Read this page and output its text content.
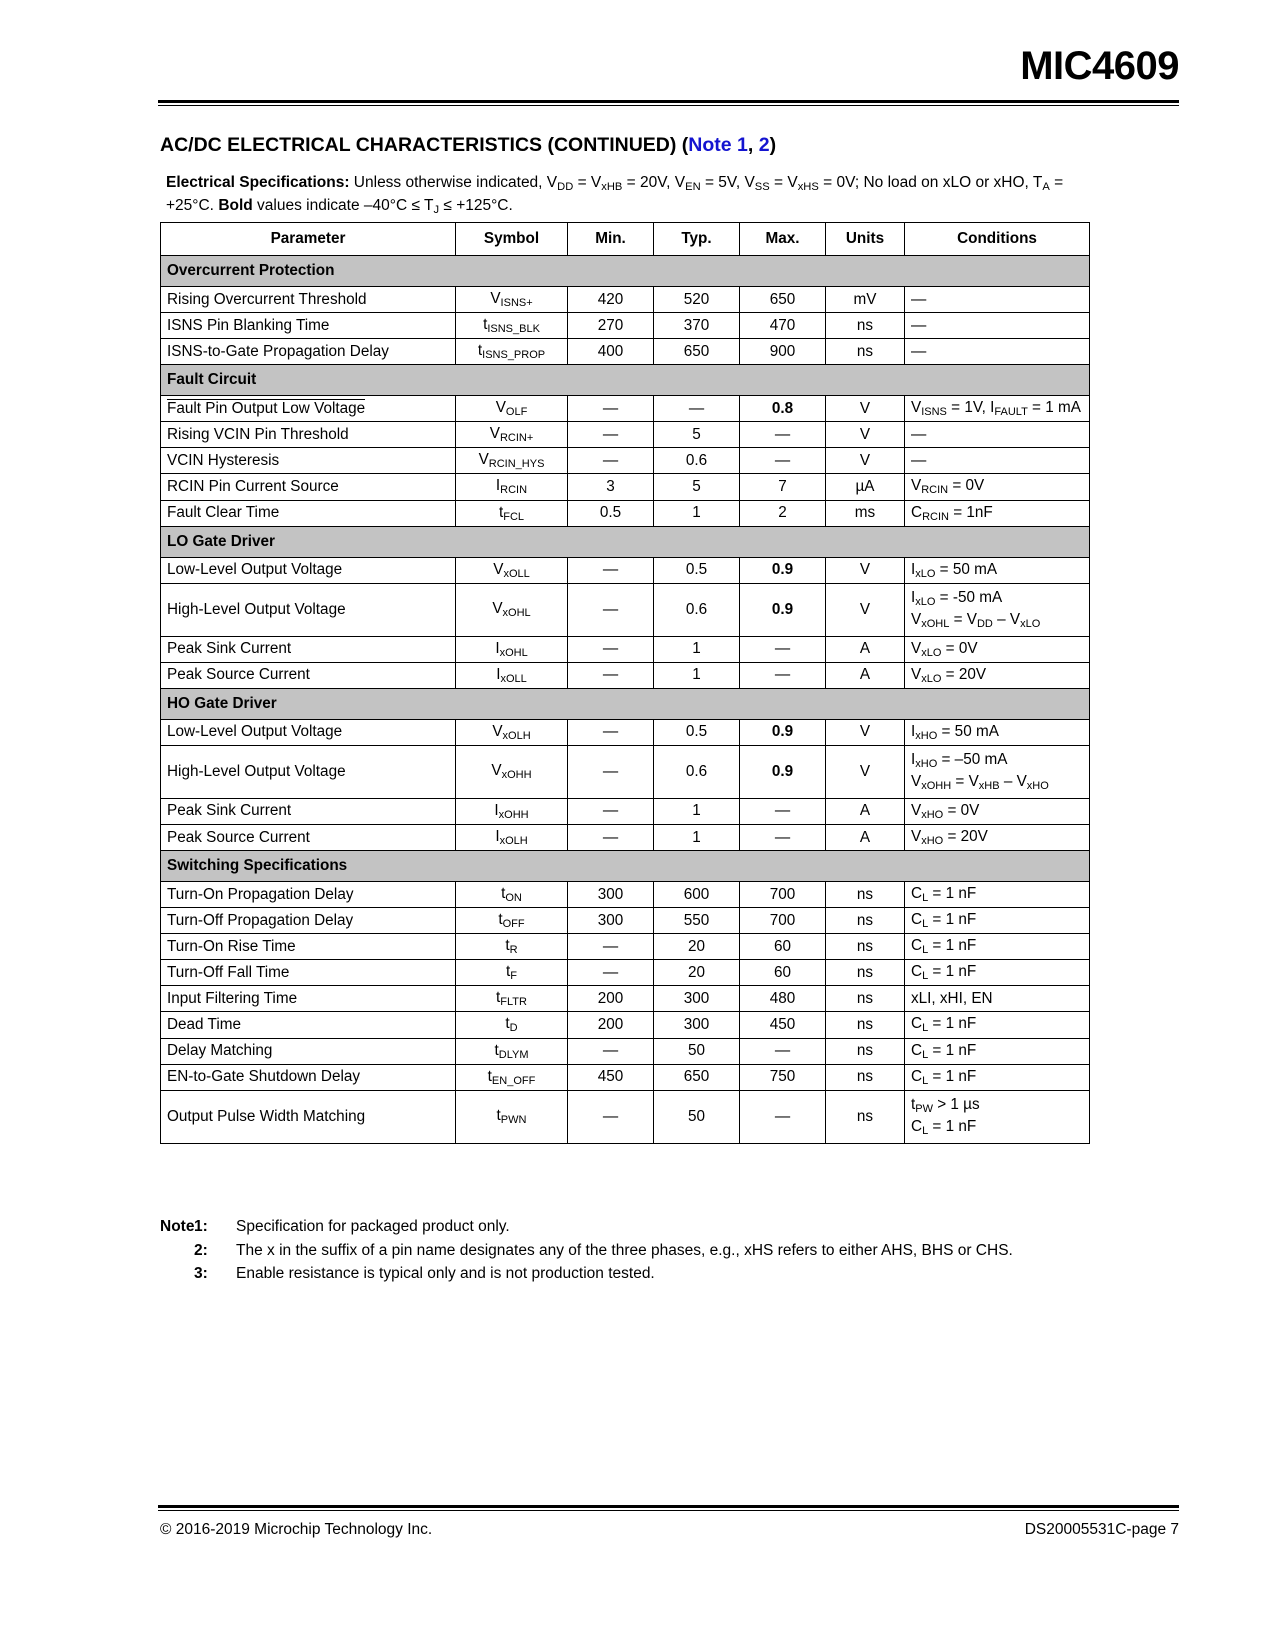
MIC4609
AC/DC ELECTRICAL CHARACTERISTICS (CONTINUED) (Note 1, 2)
Electrical Specifications: Unless otherwise indicated, $V_{DD} = V_{xHB} = 20V$, $V_{EN} = 5V$, $V_{SS} = V_{xHS} = 0V$; No load on xLO or xHO, $T_A = +25^\circ C$. Bold values indicate $-40^\circ C \le T_J \le +125^\circ C$.
Parameter	Symbol	Min.	Typ.	Max.	Units	Conditions
Overcurrent Protection						
Rising Overcurrent Threshold	$V_{ISNS+}$	420	520	650	mV	—
ISNS Pin Blanking Time	$t_{ISNS\_BLK}$	270	370	470	ns	—
ISNS-to-Gate Propagation Delay	$t_{ISNS\_PROP}$	400	650	900	ns	—
Fault Circuit						
Fault Pin Output Low Voltage	$V_{OLF}$	—	—	0.8	V	$V_{ISNS} = 1V$, $I_{FAULT} = 1$ mA
Rising VCIN Pin Threshold	$V_{RCIN+}$	—	5	—	V	—
VCIN Hysteresis	$V_{RCIN\_HYS}$	—	0.6	—	V	—
RCIN Pin Current Source	$I_{RCIN}$	3	5	7	µA	$V_{RCIN} = 0V$
Fault Clear Time	$t_{FCL}$	0.5	1	2	ms	$C_{RCIN} = 1nF$
LO Gate Driver						
Low-Level Output Voltage	$V_{xOLL}$	—	0.5	0.9	V	$I_{xLO} = 50$ mA
High-Level Output Voltage	$V_{xOHL}$	—	0.6	0.9	V	$I_{xLO} = -50$ mA
$V_{xOHL} = V_{DD} - V_{xLO}$
Peak Sink Current	$I_{xOHL}$	—	1	—	A	$V_{xLO} = 0V$
Peak Source Current	$I_{xOLL}$	—	1	—	A	$V_{xLO} = 20V$
HO Gate Driver						
Low-Level Output Voltage	$V_{xOLH}$	—	0.5	0.9	V	$I_{xHO} = 50$ mA
High-Level Output Voltage	$V_{xOHH}$	—	0.6	0.9	V	$I_{xHO} = -50$ mA
$V_{xOHH} = V_{xHB} - V_{xHO}$
Peak Sink Current	$I_{xOHH}$	—	1	—	A	$V_{xHO} = 0V$
Peak Source Current	$I_{xOLH}$	—	1	—	A	$V_{xHO} = 20V$
Switching Specifications						
Turn-On Propagation Delay	$t_{ON}$	300	600	700	ns	$C_L = 1$ nF
Turn-Off Propagation Delay	$t_{OFF}$	300	550	700	ns	$C_L = 1$ nF
Turn-On Rise Time	$t_R$	—	20	60	ns	$C_L = 1$ nF
Turn-Off Fall Time	$t_F$	—	20	60	ns	$C_L = 1$ nF
Input Filtering Time	$t_{FLTR}$	200	300	480	ns	xLI, xHI, EN
Dead Time	$t_D$	200	300	450	ns	$C_L = 1$ nF
Delay Matching	$t_{DLYM}$	—	50	—	ns	$C_L = 1$ nF
EN-to-Gate Shutdown Delay	$t_{EN\_OFF}$	450	650	750	ns	$C_L = 1$ nF
Output Pulse Width Matching	$t_{PWN}$	—	50	—	ns	$t_{PW} > 1$ µs
$C_L = 1$ nF
Note 1:	Specification for packaged product only.
2:	The x in the suffix of a pin name designates any of the three phases, e.g., xHS refers to either AHS, BHS or CHS.
3:	Enable resistance is typical only and is not production tested.
© 2016-2019 Microchip Technology Inc.	DS20005531C-page 7
